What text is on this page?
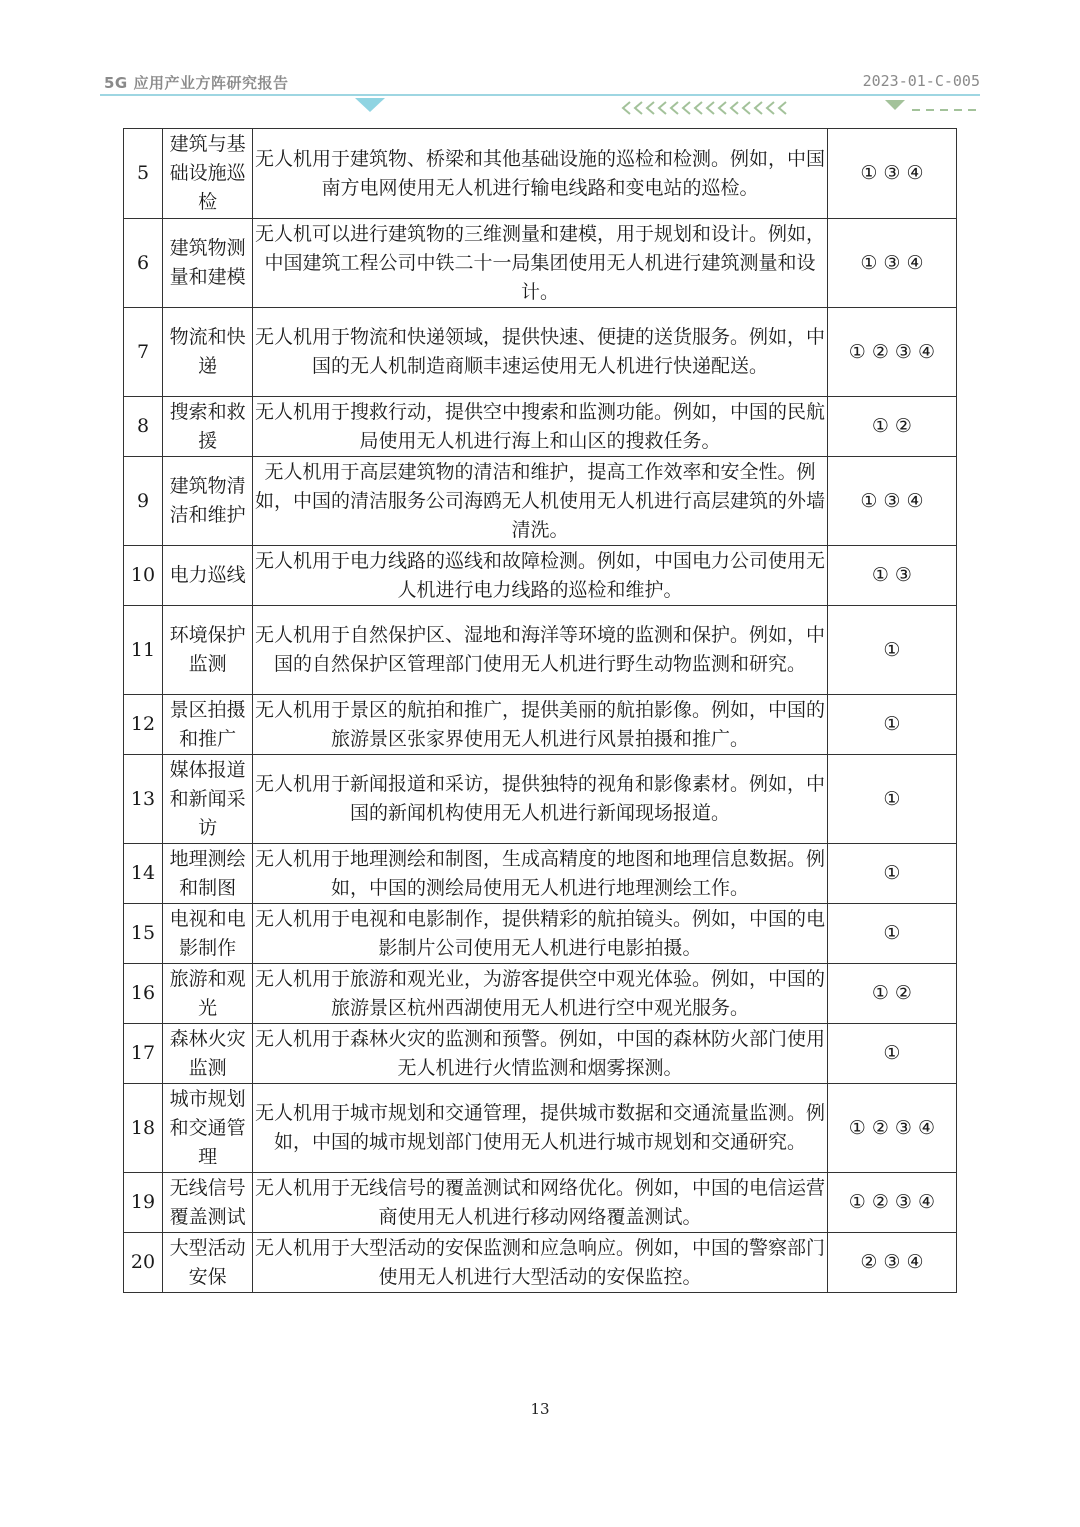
5G 应用产业方阵研究报告	2023-01-C-005
5	建筑与基础设施巡检	无人机用于建筑物、桥梁和其他基础设施的巡检和检测。例如，中国南方电网使用无人机进行输电线路和变电站的巡检。	① ③ ④
6	建筑物测量和建模	无人机可以进行建筑物的三维测量和建模，用于规划和设计。例如，中国建筑工程公司中铁二十一局集团使用无人机进行建筑测量和设计。	① ③ ④
7	物流和快递	无人机用于物流和快递领域，提供快速、便捷的送货服务。例如，中国的无人机制造商顺丰速运使用无人机进行快递配送。	① ② ③ ④
8	搜索和救援	无人机用于搜救行动，提供空中搜索和监测功能。例如，中国的民航局使用无人机进行海上和山区的搜救任务。	① ②
9	建筑物清洁和维护	无人机用于高层建筑物的清洁和维护，提高工作效率和安全性。例如，中国的清洁服务公司海鸥无人机使用无人机进行高层建筑的外墙清洗。	① ③ ④
10	电力巡线	无人机用于电力线路的巡线和故障检测。例如，中国电力公司使用无人机进行电力线路的巡检和维护。	① ③
11	环境保护监测	无人机用于自然保护区、湿地和海洋等环境的监测和保护。例如，中国的自然保护区管理部门使用无人机进行野生动物监测和研究。	①
12	景区拍摄和推广	无人机用于景区的航拍和推广，提供美丽的航拍影像。例如，中国的旅游景区张家界使用无人机进行风景拍摄和推广。	①
13	媒体报道和新闻采访	无人机用于新闻报道和采访，提供独特的视角和影像素材。例如，中国的新闻机构使用无人机进行新闻现场报道。	①
14	地理测绘和制图	无人机用于地理测绘和制图，生成高精度的地图和地理信息数据。例如，中国的测绘局使用无人机进行地理测绘工作。	①
15	电视和电影制作	无人机用于电视和电影制作，提供精彩的航拍镜头。例如，中国的电影制片公司使用无人机进行电影拍摄。	①
16	旅游和观光	无人机用于旅游和观光业，为游客提供空中观光体验。例如，中国的旅游景区杭州西湖使用无人机进行空中观光服务。	① ②
17	森林火灾监测	无人机用于森林火灾的监测和预警。例如，中国的森林防火部门使用无人机进行火情监测和烟雾探测。	①
18	城市规划和交通管理	无人机用于城市规划和交通管理，提供城市数据和交通流量监测。例如，中国的城市规划部门使用无人机进行城市规划和交通研究。	① ② ③ ④
19	无线信号覆盖测试	无人机用于无线信号的覆盖测试和网络优化。例如，中国的电信运营商使用无人机进行移动网络覆盖测试。	① ② ③ ④
20	大型活动安保	无人机用于大型活动的安保监测和应急响应。例如，中国的警察部门使用无人机进行大型活动的安保监控。	② ③ ④
13
